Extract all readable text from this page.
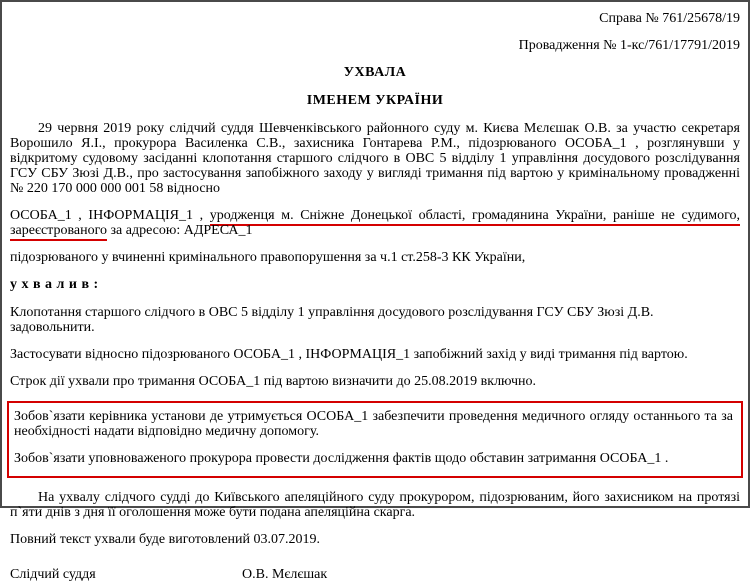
Справа № 761/25678/19
Провадження № 1-кс/761/17791/2019
УХВАЛА
ІМЕНЕМ УКРАЇНИ

29 червня 2019 року слідчий суддя Шевченківського районного суду м. Києва Мєлєшак О.В. за участю секретаря Ворошило Я.І., прокурора Василенка С.В., захисника Гонтарева Р.М., підозрюваного ОСОБА_1 , розглянувши у відкритому судовому засіданні клопотання старшого слідчого в ОВС 5 відділу 1 управління досудового розслідування ГСУ СБУ Зюзі Д.В., про застосування запобіжного заходу у вигляді тримання під вартою у кримінальному провадженні № 220 170 000 000 001 58 відносно

ОСОБА_1 , ІНФОРМАЦІЯ_1 , уродженця м. Сніжне Донецької області, громадянина України, раніше не судимого, зареєстрованого за адресою: АДРЕСА_1

підозрюваного у вчиненні кримінального правопорушення за ч.1 ст.258-3 КК України,

у х в а л и в :

Клопотання старшого слідчого в ОВС 5 відділу 1 управління досудового розслідування ГСУ СБУ Зюзі Д.В. задовольнити.

Застосувати відносно підозрюваного ОСОБА_1 , ІНФОРМАЦІЯ_1 запобіжний захід у виді тримання під вартою.

Строк дії ухвали про тримання ОСОБА_1 під вартою визначити до 25.08.2019 включно.

Зобов`язати керівника установи де утримується ОСОБА_1 забезпечити проведення медичного огляду останнього та за необхідності надати відповідно медичну допомогу.

Зобов`язати уповноваженого прокурора провести дослідження фактів щодо обставин затримання ОСОБА_1 .

На ухвалу слідчого судді до Київського апеляційного суду прокурором, підозрюваним, його захисником на протязі п`яти днів з дня її оголошення може бути подана апеляційна скарга.

Повний текст ухвали буде виготовлений 03.07.2019.

Слідчий суддя	О.В. Мєлєшак
